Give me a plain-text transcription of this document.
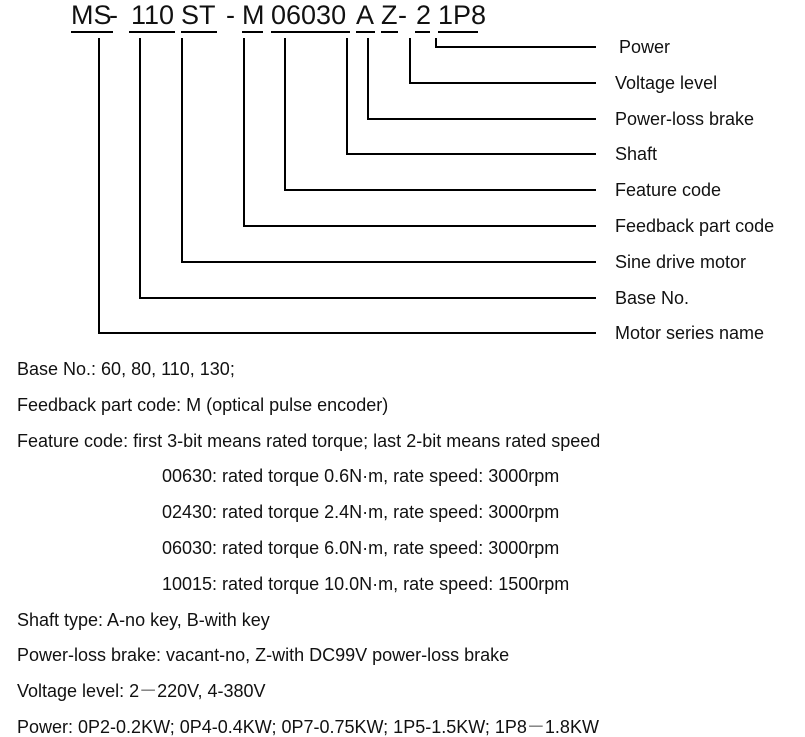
MS
- 110 ST - M 06030 A Z - 2 1P8
Power
Voltage level
Power-loss brake
Shaft
Feature code
Feedback part code
Sine drive motor
Base No.
Motor series name
Base No.: 60, 80, 110, 130;
Feedback part code: M (optical pulse encoder)
Feature code: first 3-bit means rated torque; last 2-bit means rated speed
00630: rated torque 0.6N·m, rate speed: 3000rpm
02430: rated torque 2.4N·m, rate speed: 3000rpm
06030: rated torque 6.0N·m, rate speed: 3000rpm
10015: rated torque 10.0N·m, rate speed: 1500rpm
Shaft type: A-no key, B-with key
Power-loss brake: vacant-no, Z-with DC99V power-loss brake
Voltage level: 2－220V, 4-380V
Power: 0P2-0.2KW; 0P4-0.4KW; 0P7-0.75KW; 1P5-1.5KW; 1P8－1.8KW
